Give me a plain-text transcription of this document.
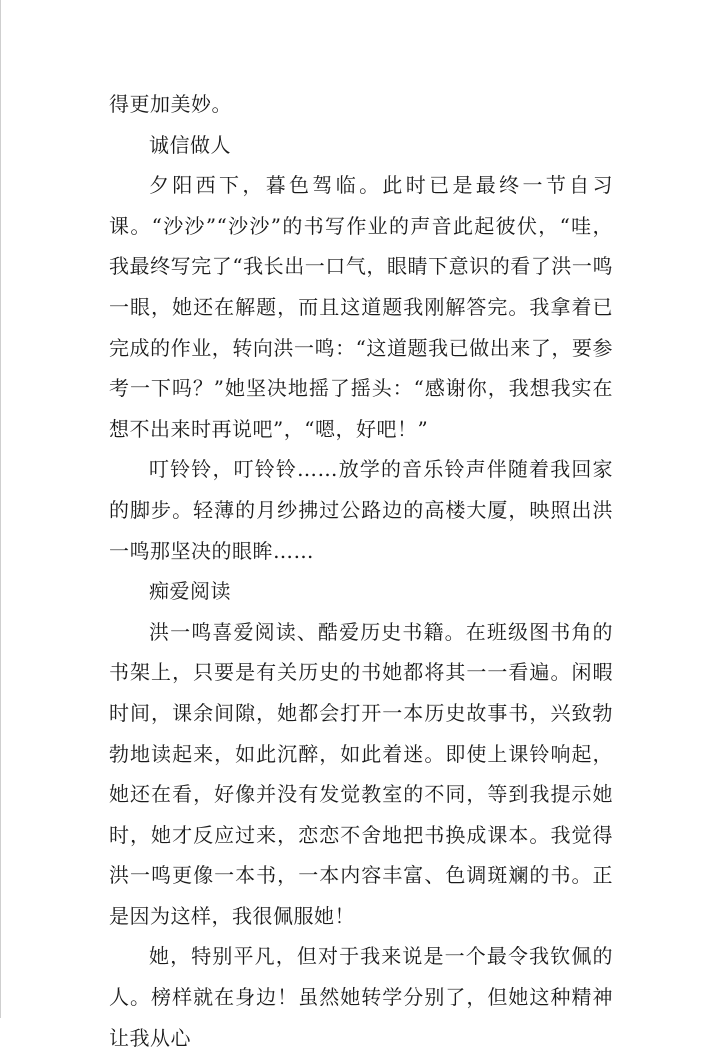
得更加美妙。

诚信做人

夕阳西下，暮色驾临。此时已是最终一节自习课。“沙沙”“沙沙”的书写作业的声音此起彼伏，“哇，我最终写完了“我长出一口气，眼睛下意识的看了洪一鸣一眼，她还在解题，而且这道题我刚解答完。我拿着已完成的作业，转向洪一鸣：“这道题我已做出来了，要参考一下吗？”她坚决地摇了摇头：“感谢你，我想我实在想不出来时再说吧”，“嗯，好吧！”

叮铃铃，叮铃铃……放学的音乐铃声伴随着我回家的脚步。轻薄的月纱拂过公路边的高楼大厦，映照出洪一鸣那坚决的眼眸……

痴爱阅读

洪一鸣喜爱阅读、酷爱历史书籍。在班级图书角的书架上，只要是有关历史的书她都将其一一看遍。闲暇时间，课余间隙，她都会打开一本历史故事书，兴致勃勃地读起来，如此沉醉，如此着迷。即使上课铃响起，她还在看，好像并没有发觉教室的不同，等到我提示她时，她才反应过来，恋恋不舍地把书换成课本。我觉得洪一鸣更像一本书，一本内容丰富、色调斑斓的书。正是因为这样，我很佩服她！

她，特别平凡，但对于我来说是一个最令我钦佩的人。榜样就在身边！虽然她转学分别了，但她这种精神让我从心
